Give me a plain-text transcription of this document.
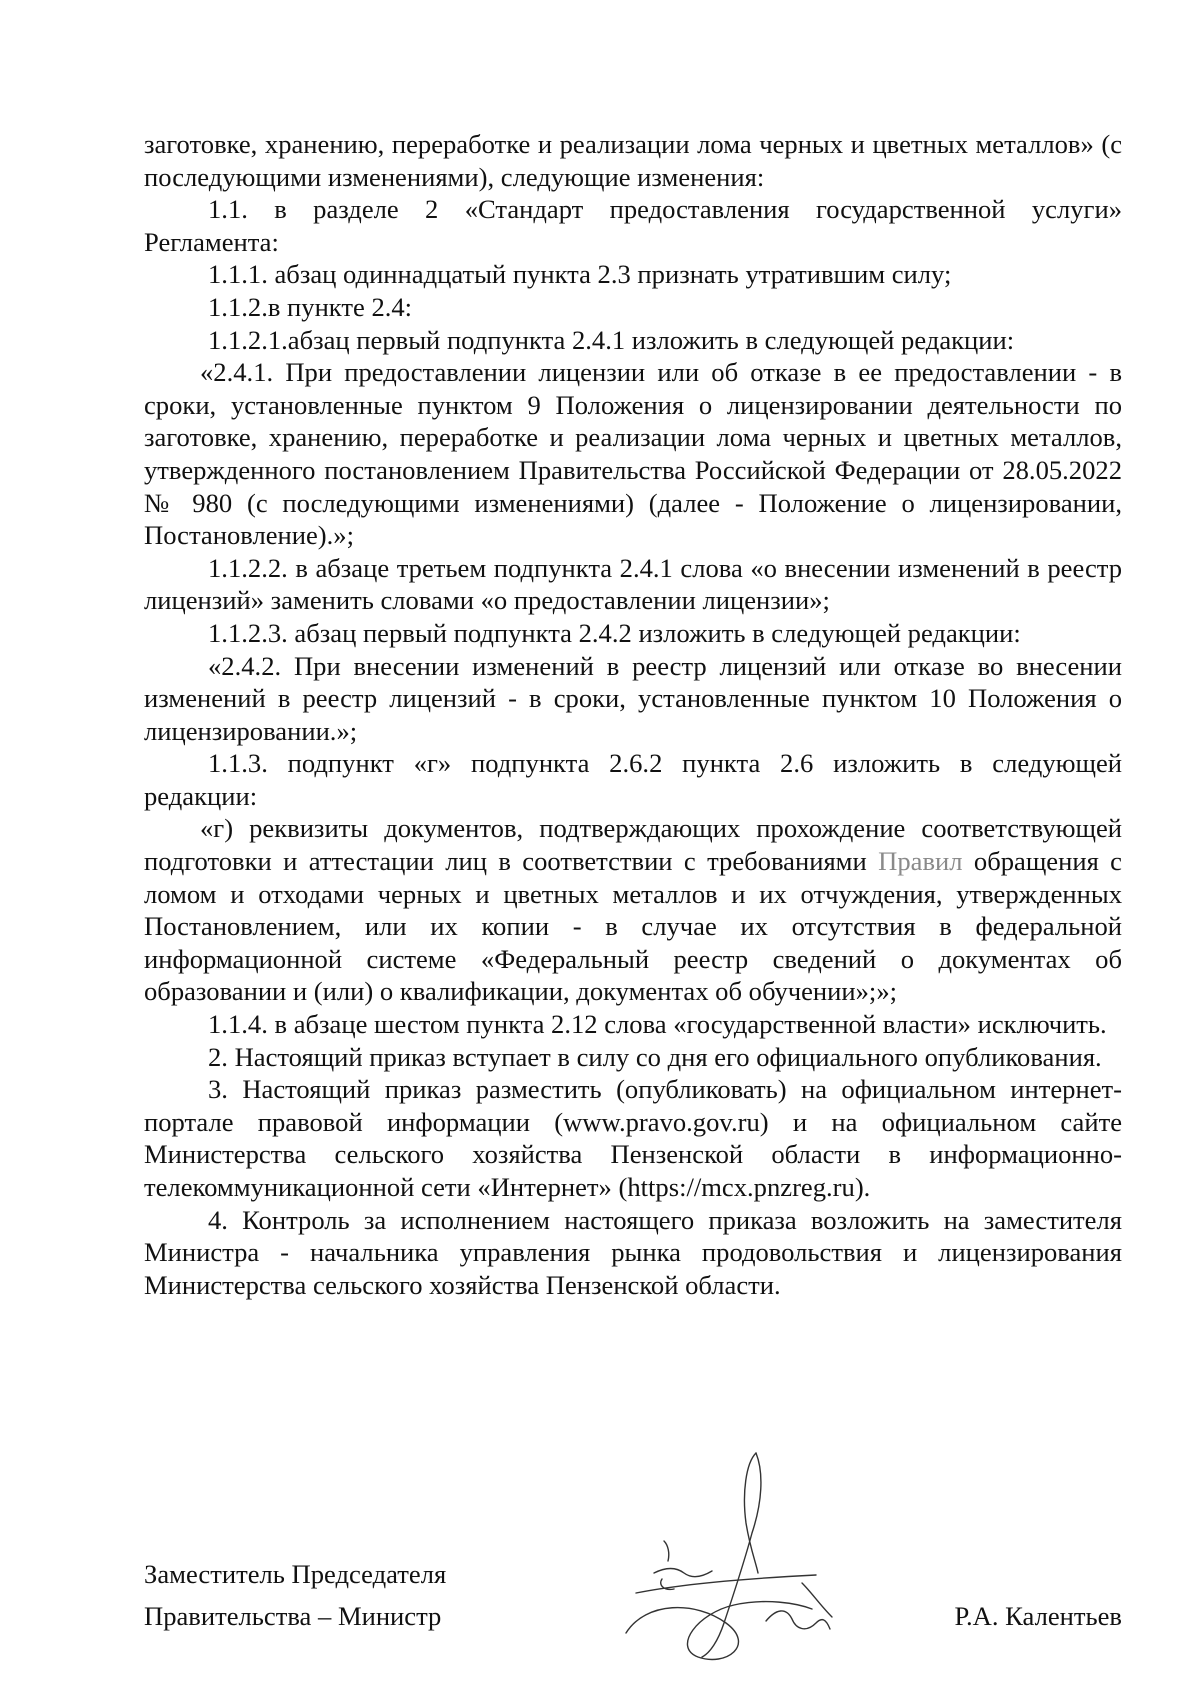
заготовке, хранению, переработке и реализации лома черных и цветных металлов» (с последующими изменениями), следующие изменения:

1.1. в разделе 2 «Стандарт предоставления государственной услуги» Регламента:

1.1.1. абзац одиннадцатый пункта 2.3 признать утратившим силу;

1.1.2.в пункте 2.4:

1.1.2.1.абзац первый подпункта 2.4.1 изложить в следующей редакции:

«2.4.1. При предоставлении лицензии или об отказе в ее предоставлении - в сроки, установленные пунктом 9 Положения о лицензировании деятельности по заготовке, хранению, переработке и реализации лома черных и цветных металлов, утвержденного постановлением Правительства Российской Федерации от 28.05.2022 № 980 (с последующими изменениями) (далее - Положение о лицензировании, Постановление).»;

1.1.2.2. в абзаце третьем подпункта 2.4.1 слова «о внесении изменений в реестр лицензий» заменить словами «о предоставлении лицензии»;

1.1.2.3. абзац первый подпункта 2.4.2 изложить в следующей редакции:

«2.4.2. При внесении изменений в реестр лицензий или отказе во внесении изменений в реестр лицензий - в сроки, установленные пунктом 10 Положения о лицензировании.»;

1.1.3. подпункт «г» подпункта 2.6.2 пункта 2.6 изложить в следующей редакции:

«г) реквизиты документов, подтверждающих прохождение соответствующей подготовки и аттестации лиц в соответствии с требованиями Правил обращения с ломом и отходами черных и цветных металлов и их отчуждения, утвержденных Постановлением, или их копии - в случае их отсутствия в федеральной информационной системе «Федеральный реестр сведений о документах об образовании и (или) о квалификации, документах об обучении»;»;

1.1.4. в абзаце шестом пункта 2.12 слова «государственной власти» исключить.

2. Настоящий приказ вступает в силу со дня его официального опубликования.

3. Настоящий приказ разместить (опубликовать) на официальном интернет-портале правовой информации (www.pravo.gov.ru) и на официальном сайте Министерства сельского хозяйства Пензенской области в информационно-телекоммуникационной сети «Интернет» (https://mcx.pnzreg.ru).

4. Контроль за исполнением настоящего приказа возложить на заместителя Министра - начальника управления рынка продовольствия и лицензирования Министерства сельского хозяйства Пензенской области.

Заместитель Председателя
Правительства – Министр	Р.А. Калентьев
